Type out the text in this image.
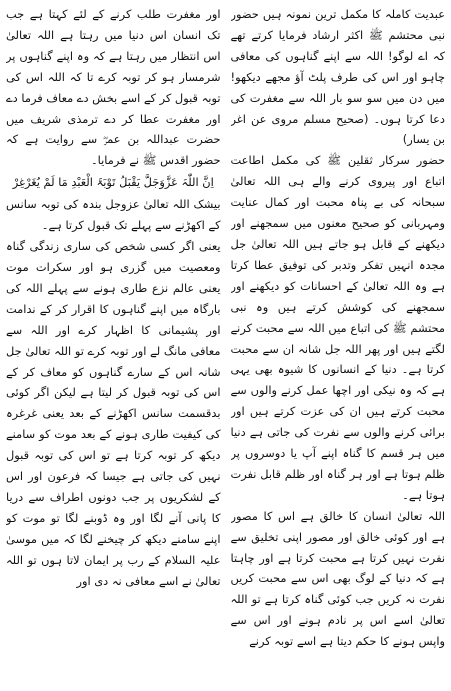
عبدیت کاملہ کا مکمل ترین نمونہ ہیں حضور نبی محتشم ﷺ اکثر ارشاد فرمایا کرتے تھے کہ اے لوگو! اللہ سے اپنے گناہوں کی معافی چاہو اور اس کی طرف پلٹ آؤ مجھے دیکھو! میں دن میں سو سو بار اللہ سے مغفرت کی دعا کرتا ہوں۔ (صحیح مسلم مروی عن اغر بن یسار)

حضور سرکار ثقلین ﷺ کی مکمل اطاعت اتباع اور پیروی کرنے والے ہی اللہ تعالیٰ سبحانہ کی بے پناہ محبت اور کمال عنایت ومہربانی کو صحیح معنوں میں سمجھنے اور دیکھنے کے قابل ہو جاتے ہیں اللہ تعالیٰ جل مجدہ انہیں تفکر وتدبر کی توفیق عطا کرتا ہے وہ اللہ تعالیٰ کے احسانات کو دیکھنے اور سمجھنے کی کوشش کرتے ہیں وہ نبی محتشم ﷺ کی اتباع میں اللہ سے محبت کرنے لگتے ہیں اور پھر اللہ جل شانہ ان سے محبت کرتا ہے۔ دنیا کے انسانوں کا شیوہ بھی یہی ہے کہ وہ نیکی اور اچھا عمل کرنے والوں سے محبت کرتے ہیں ان کی عزت کرتے ہیں اور برائی کرنے والوں سے نفرت کی جاتی ہے دنیا میں ہر قسم کا گناہ اپنے آپ یا دوسروں پر ظلم ہوتا ہے اور ہر گناہ اور ظلم قابل نفرت ہوتا ہے۔

اللہ تعالیٰ انسان کا خالق ہے اس کا مصور ہے اور کوئی خالق اور مصور اپنی تخلیق سے نفرت نہیں کرتا ہے محبت کرتا ہے اور چاہتا ہے کہ دنیا کے لوگ بھی اس سے محبت کریں نفرت نہ کریں جب کوئی گناہ کرتا ہے تو اللہ تعالیٰ اسے اس پر نادم ہونے اور اس سے واپس ہونے کا حکم دیتا ہے اسے توبہ کرنے

اور مغفرت طلب کرنے کے لئے کہتا ہے جب تک انسان اس دنیا میں رہتا ہے اللہ تعالیٰ اس انتظار میں رہتا ہے کہ وہ اپنے گناہوں پر شرمسار ہو کر توبہ کرے تا کہ اللہ اس کی توبہ قبول کر کے اسے بخش دے معاف فرما دے اور مغفرت عطا کر دے ترمذی شریف میں حضرت عبداللہ بن عمرؓ سے روایت ہے کہ حضور اقدس ﷺ نے فرمایا۔

اِنَّ اللّٰہَ عَزَّوَجَلَّ یَقْبَلُ تَوْبَۃَ الْعَبْدِ مَا لَمْ یُغَرْغِرْ

بیشک اللہ تعالیٰ عزوجل بندہ کی توبہ سانس کے اکھڑنے سے پہلے تک قبول کرتا ہے۔

یعنی اگر کسی شخص کی ساری زندگی گناہ ومعصیت میں گزری ہو اور سکرات موت یعنی عالم نزع طاری ہونے سے پہلے اللہ کی بارگاہ میں اپنے گناہوں کا اقرار کر کے ندامت اور پشیمانی کا اظہار کرے اور اللہ سے معافی مانگ لے اور توبہ کرے تو اللہ تعالیٰ جل شانہ اس کے سارے گناہوں کو معاف کر کے اس کی توبہ قبول کر لیتا ہے لیکن اگر کوئی بدقسمت سانس اکھڑنے کے بعد یعنی غرغرہ کی کیفیت طاری ہونے کے بعد موت کو سامنے دیکھ کر توبہ کرتا ہے تو اس کی توبہ قبول نہیں کی جاتی ہے جیسا کہ فرعون اور اس کے لشکریوں پر جب دونوں اطراف سے دریا کا پانی آنے لگا اور وہ ڈوبنے لگا تو موت کو اپنے سامنے دیکھ کر چیخنے لگا کہ میں موسیٰ علیہ السلام کے رب پر ایمان لاتا ہوں تو اللہ تعالیٰ نے اسے معافی نہ دی اور
